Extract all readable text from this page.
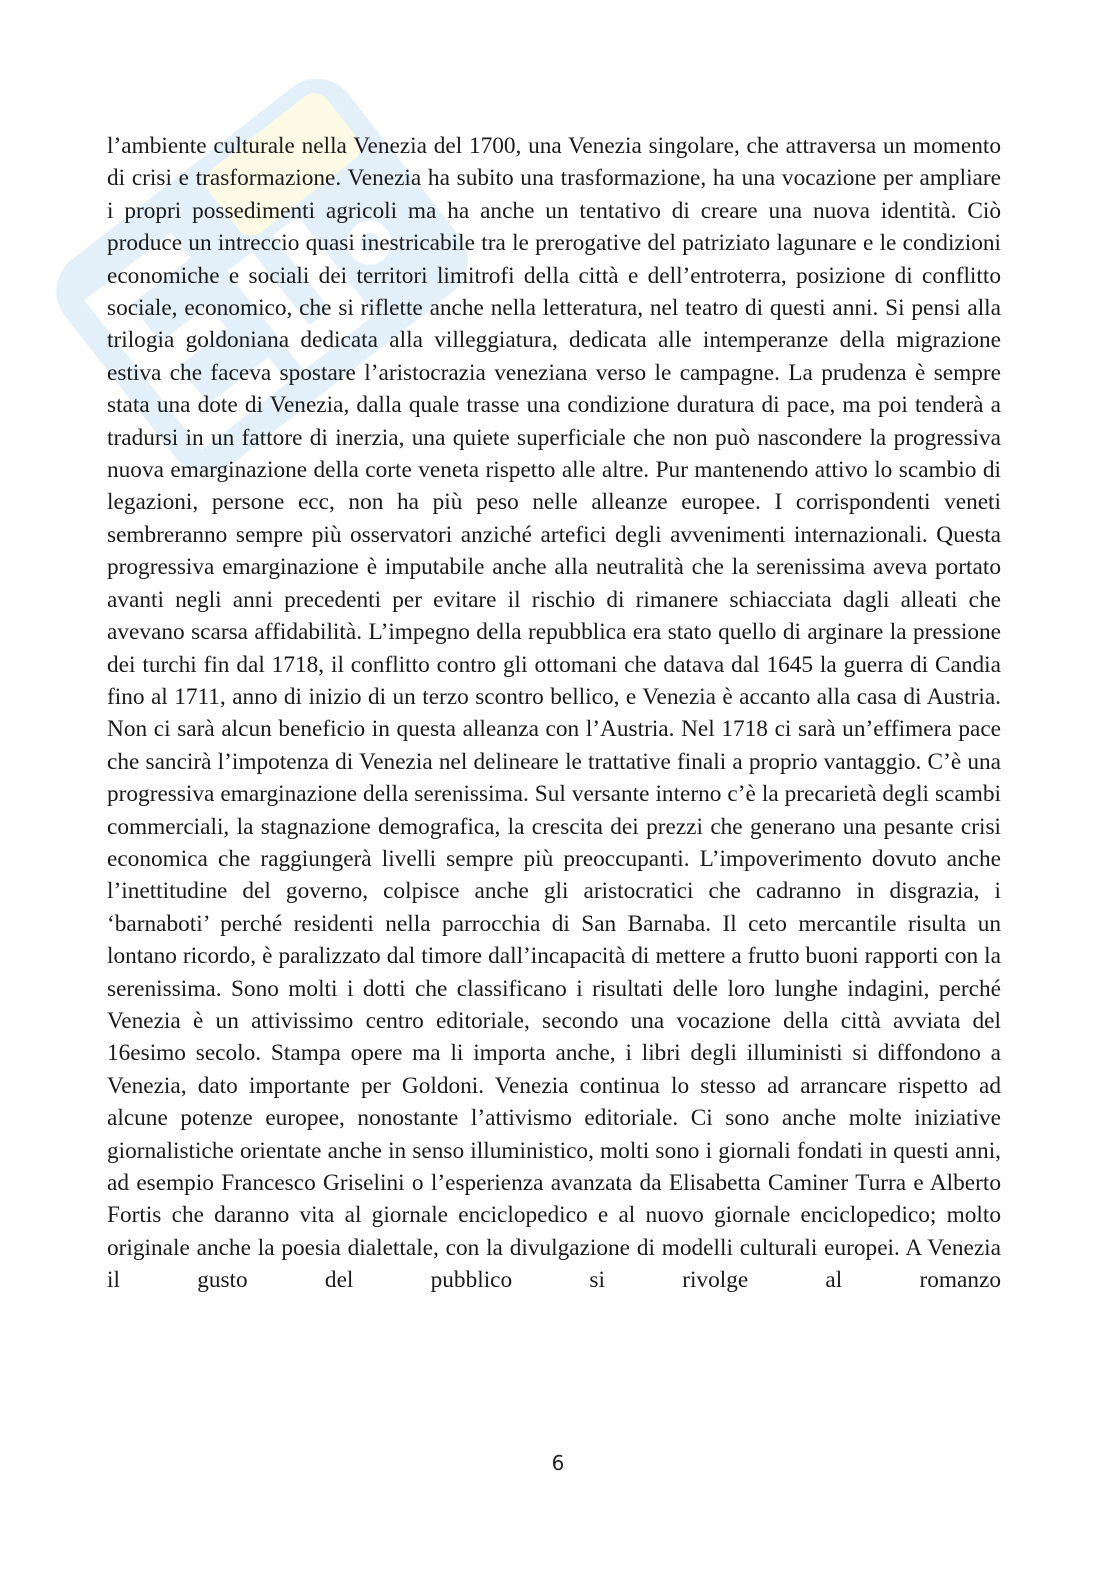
l’ambiente culturale nella Venezia del 1700, una Venezia singolare, che attraversa un momento di crisi e trasformazione. Venezia ha subito una trasformazione, ha una vocazione per ampliare i propri possedimenti agricoli ma ha anche un tentativo di creare una nuova identità. Ciò produce un intreccio quasi inestricabile tra le prerogative del patriziato lagunare e le condizioni economiche e sociali dei territori limitrofi della città e dell’entroterra, posizione di conflitto sociale, economico, che si riflette anche nella letteratura, nel teatro di questi anni. Si pensi alla trilogia goldoniana dedicata alla villeggiatura, dedicata alle intemperanze della migrazione estiva che faceva spostare l’aristocrazia veneziana verso le campagne. La prudenza è sempre stata una dote di Venezia, dalla quale trasse una condizione duratura di pace, ma poi tenderà a tradursi in un fattore di inerzia, una quiete superficiale che non può nascondere la progressiva nuova emarginazione della corte veneta rispetto alle altre. Pur mantenendo attivo lo scambio di legazioni, persone ecc, non ha più peso nelle alleanze europee. I corrispondenti veneti sembreranno sempre più osservatori anziché artefici degli avvenimenti internazionali. Questa progressiva emarginazione è imputabile anche alla neutralità che la serenissima aveva portato avanti negli anni precedenti per evitare il rischio di rimanere schiacciata dagli alleati che avevano scarsa affidabilità. L’impegno della repubblica era stato quello di arginare la pressione dei turchi fin dal 1718, il conflitto contro gli ottomani che datava dal 1645 la guerra di Candia fino al 1711, anno di inizio di un terzo scontro bellico, e Venezia è accanto alla casa di Austria. Non ci sarà alcun beneficio in questa alleanza con l’Austria. Nel 1718 ci sarà un’effimera pace che sancirà l’impotenza di Venezia nel delineare le trattative finali a proprio vantaggio. C’è una progressiva emarginazione della serenissima. Sul versante interno c’è la precarietà degli scambi commerciali, la stagnazione demografica, la crescita dei prezzi che generano una pesante crisi economica che raggiungerà livelli sempre più preoccupanti. L’impoverimento dovuto anche l’inettitudine del governo, colpisce anche gli aristocratici che cadranno in disgrazia, i ‘barnaboti’ perché residenti nella parrocchia di San Barnaba. Il ceto mercantile risulta un lontano ricordo, è paralizzato dal timore dall’incapacità di mettere a frutto buoni rapporti con la serenissima. Sono molti i dotti che classificano i risultati delle loro lunghe indagini, perché Venezia è un attivissimo centro editoriale, secondo una vocazione della città avviata del 16esimo secolo. Stampa opere ma li importa anche, i libri degli illuministi si diffondono a Venezia, dato importante per Goldoni. Venezia continua lo stesso ad arrancare rispetto ad alcune potenze europee, nonostante l’attivismo editoriale. Ci sono anche molte iniziative giornalistiche orientate anche in senso illuministico, molti sono i giornali fondati in questi anni, ad esempio Francesco Griselini o l’esperienza avanzata da Elisabetta Caminer Turra e Alberto Fortis che daranno vita al giornale enciclopedico e al nuovo giornale enciclopedico; molto originale anche la poesia dialettale, con la divulgazione di modelli culturali europei. A Venezia il gusto del pubblico si rivolge al romanzo

6
